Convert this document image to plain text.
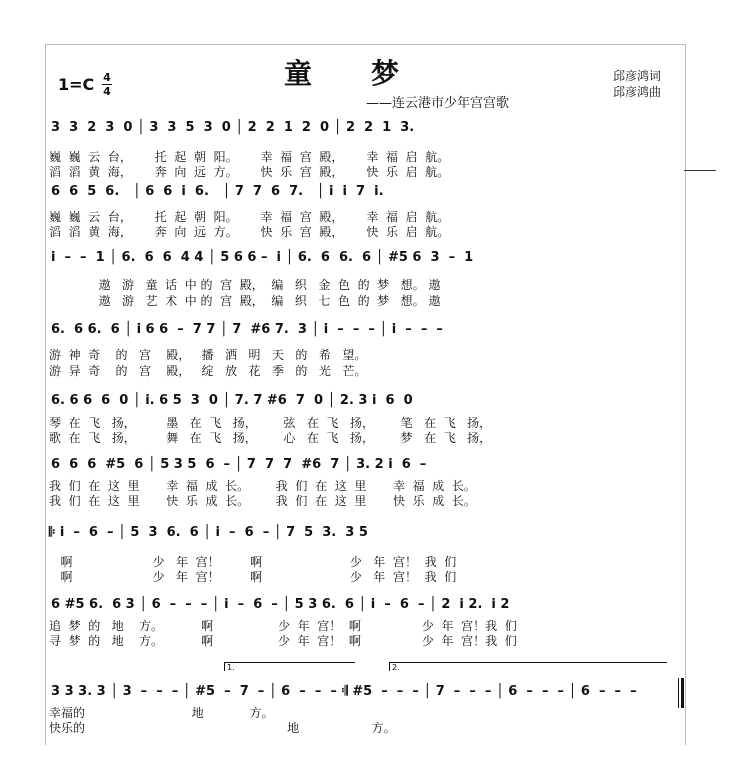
童 梦
——连云港市少年宫宫歌
邱彦鸿词
邱彦鸿曲
1=C 4
4
3  3  2  3  0 │ 3  3  5  3  0 │ 2  2  1  2  0 │ 2  2  1  3.
巍  巍  云  台，      托  起  朝  阳。      幸  福  宫  殿，      幸  福  启  航。
滔  滔  黄  海，      奔  向  远  方。      快  乐  宫  殿，      快  乐  启  航。
6  6  5  6.   │ 6  6  i  6.   │ 7  7  6  7.   │ i  i  7  i.
巍  巍  云  台，      托  起  朝  阳。      幸  福  宫  殿，      幸  福  启  航。
滔  滔  黄  海，      奔  向  远  方。      快  乐  宫  殿，      快  乐  启  航。
i  –  –  1 │ 6.  6  6  4 4 │ 5 6 6 –  i │ 6.  6  6.  6 │ #5 6  3  –  1
遨   游   童  话  中 的  宫  殿，  编   织   金  色  的  梦   想。 遨
遨   游   艺  术  中 的  宫  殿，  编   织   七  色  的  梦   想。 遨
6.  6 6.  6 │ i 6 6  –  7 7 │ 7  #6 7.  3 │ i  –  –  – │ i  –  –  –
游  神  奇    的   宫    殿，   播   洒   明   天   的   希   望。
游  异  奇    的   宫    殿，   绽   放   花   季   的   光   芒。
6. 6 6  6  0 │ i. 6 5  3  0 │ 7. 7 #6  7  0 │ 2. 3 i  6  0
琴  在  飞   扬，        墨   在  飞   扬，       弦   在  飞   扬，       笔   在  飞   扬，
歌  在  飞   扬，        舞   在  飞   扬，       心   在  飞   扬，       梦   在  飞   扬，
6  6  6  #5  6 │ 5 3 5  6  – │ 7  7  7  #6  7 │ 3. 2 i  6  –
我  们  在  这  里       幸  福  成  长。       我  们  在  这  里       幸  福  成  长。
我  们  在  这  里       快  乐  成  长。       我  们  在  这  里       快  乐  成  长。
𝄆 i  –  6  – │ 5  3  6.  6 │ i  –  6  – │ 7  5  3.  3 5
啊                     少   年  宫！        啊                       少   年  宫！  我  们
啊                     少   年  宫！        啊                       少   年  宫！  我  们
6 #5 6.  6 3 │ 6  –  –  – │ i  –  6  – │ 5 3 6.  6 │ i  –  6  – │ 2  i 2.  i 2
追  梦  的   地    方。          啊                 少  年  宫！  啊                少  年  宫！我  们
寻  梦  的   地    方。          啊                 少  年  宫！  啊                少  年  宫！我  们
1.	2.
3 3 3. 3 │ 3  –  –  – │ #5  –  7  – │ 6  –  –  – 𝄇 #5  –  –  – │ 7  –  –  – │ 6  –  –  – │ 6  –  –  –
幸福的                            地            方。
快乐的                                                     地                   方。
